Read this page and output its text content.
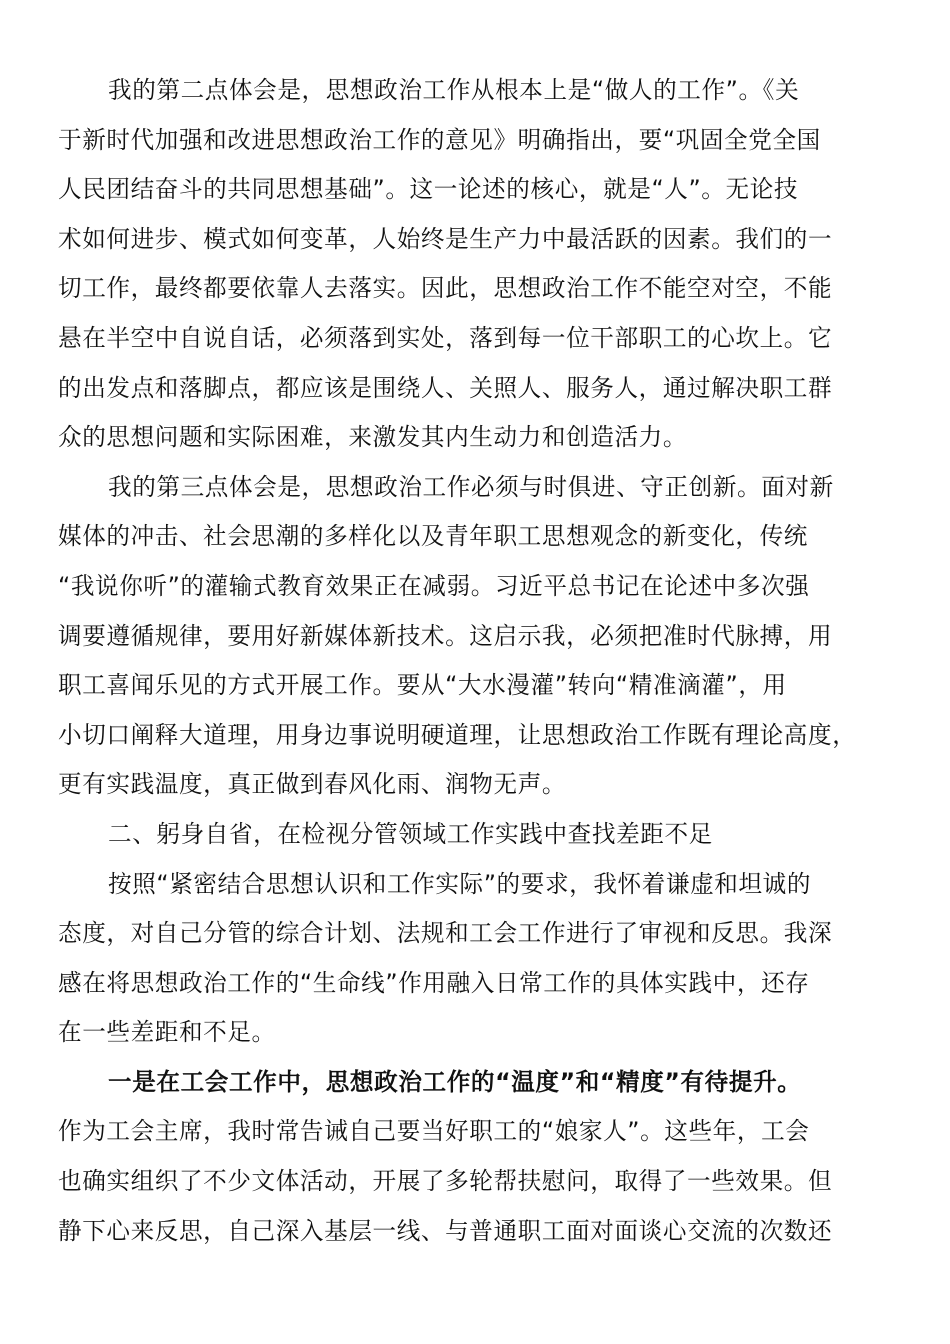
我的第二点体会是，思想政治工作从根本上是“做人的工作”。《关
于新时代加强和改进思想政治工作的意见》明确指出，要“巩固全党全国
人民团结奋斗的共同思想基础”。这一论述的核心，就是“人”。无论技
术如何进步、模式如何变革，人始终是生产力中最活跃的因素。我们的一
切工作，最终都要依靠人去落实。因此，思想政治工作不能空对空，不能
悬在半空中自说自话，必须落到实处，落到每一位干部职工的心坎上。它
的出发点和落脚点，都应该是围绕人、关照人、服务人，通过解决职工群
众的思想问题和实际困难，来激发其内生动力和创造活力。
我的第三点体会是，思想政治工作必须与时俱进、守正创新。面对新
媒体的冲击、社会思潮的多样化以及青年职工思想观念的新变化，传统
“我说你听”的灌输式教育效果正在减弱。习近平总书记在论述中多次强
调要遵循规律，要用好新媒体新技术。这启示我，必须把准时代脉搏，用
职工喜闻乐见的方式开展工作。要从“大水漫灌”转向“精准滴灌”，用
小切口阐释大道理，用身边事说明硬道理，让思想政治工作既有理论高度，
更有实践温度，真正做到春风化雨、润物无声。
二、躬身自省，在检视分管领域工作实践中查找差距不足
按照“紧密结合思想认识和工作实际”的要求，我怀着谦虚和坦诚的
态度，对自己分管的综合计划、法规和工会工作进行了审视和反思。我深
感在将思想政治工作的“生命线”作用融入日常工作的具体实践中，还存
在一些差距和不足。
一是在工会工作中，思想政治工作的“温度”和“精度”有待提升。
作为工会主席，我时常告诫自己要当好职工的“娘家人”。这些年，工会
也确实组织了不少文体活动，开展了多轮帮扶慰问，取得了一些效果。但
静下心来反思，自己深入基层一线、与普通职工面对面谈心交流的次数还
